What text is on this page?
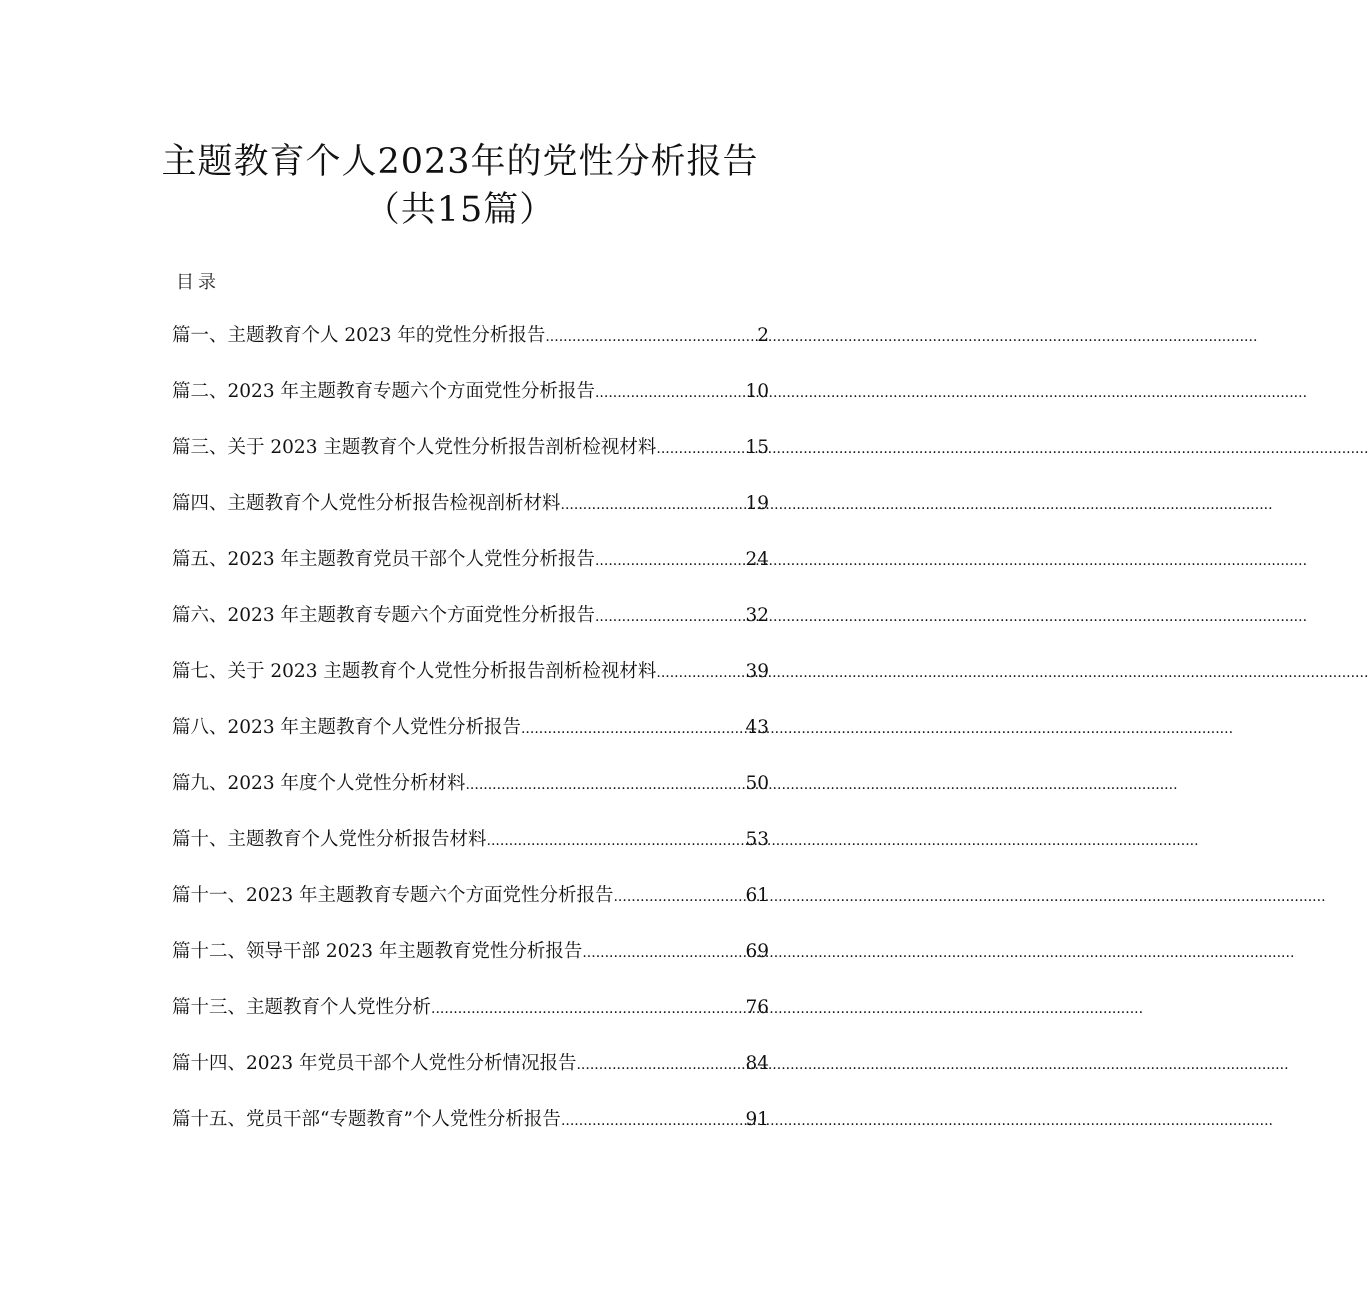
主题教育个人2023年的党性分析报告（共15篇）
目录
篇一、 主题教育个人 2023 年的党性分析报告 .....	2
篇二、 2023 年主题教育专题六个方面党性分析报告 .....	10
篇三、 关于 2023 主题教育个人党性分析报告剖析检视材料 .....	15
篇四、 主题教育个人党性分析报告检视剖析材料 .....	19
篇五、 2023 年主题教育党员干部个人党性分析报告 .....	24
篇六、 2023 年主题教育专题六个方面党性分析报告 .....	32
篇七、 关于 2023 主题教育个人党性分析报告剖析检视材料 .....	39
篇八、 2023 年主题教育个人党性分析报告 .....	43
篇九、 2023 年度个人党性分析材料 .....	50
篇十、 主题教育个人党性分析报告材料 .....	53
篇十一、 2023 年主题教育专题六个方面党性分析报告 .....	61
篇十二、 领导干部 2023 年主题教育党性分析报告 .....	69
篇十三、 主题教育个人党性分析 .....	76
篇十四、 2023 年党员干部个人党性分析情况报告 .....	84
篇十五、 党员干部“专题教育”个人党性分析报告 .....	91
